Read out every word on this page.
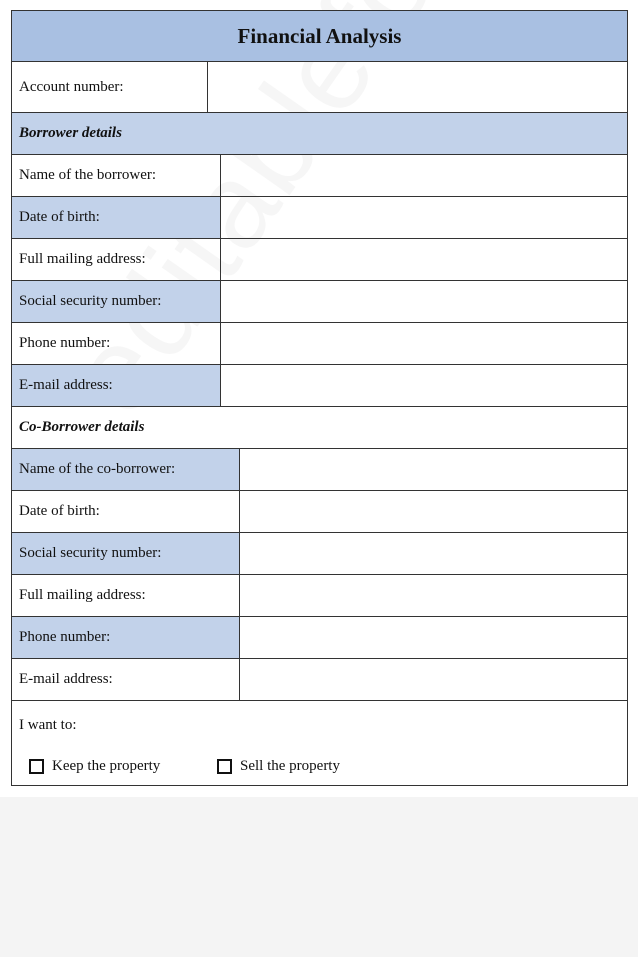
Financial Analysis
Account number:
Borrower details
Name of the borrower:
Date of birth:
Full mailing address:
Social security number:
Phone number:
E-mail address:
Co-Borrower details
Name of the co-borrower:
Date of birth:
Social security number:
Full mailing address:
Phone number:
E-mail address:
I want to:
Keep the property	Sell the property
